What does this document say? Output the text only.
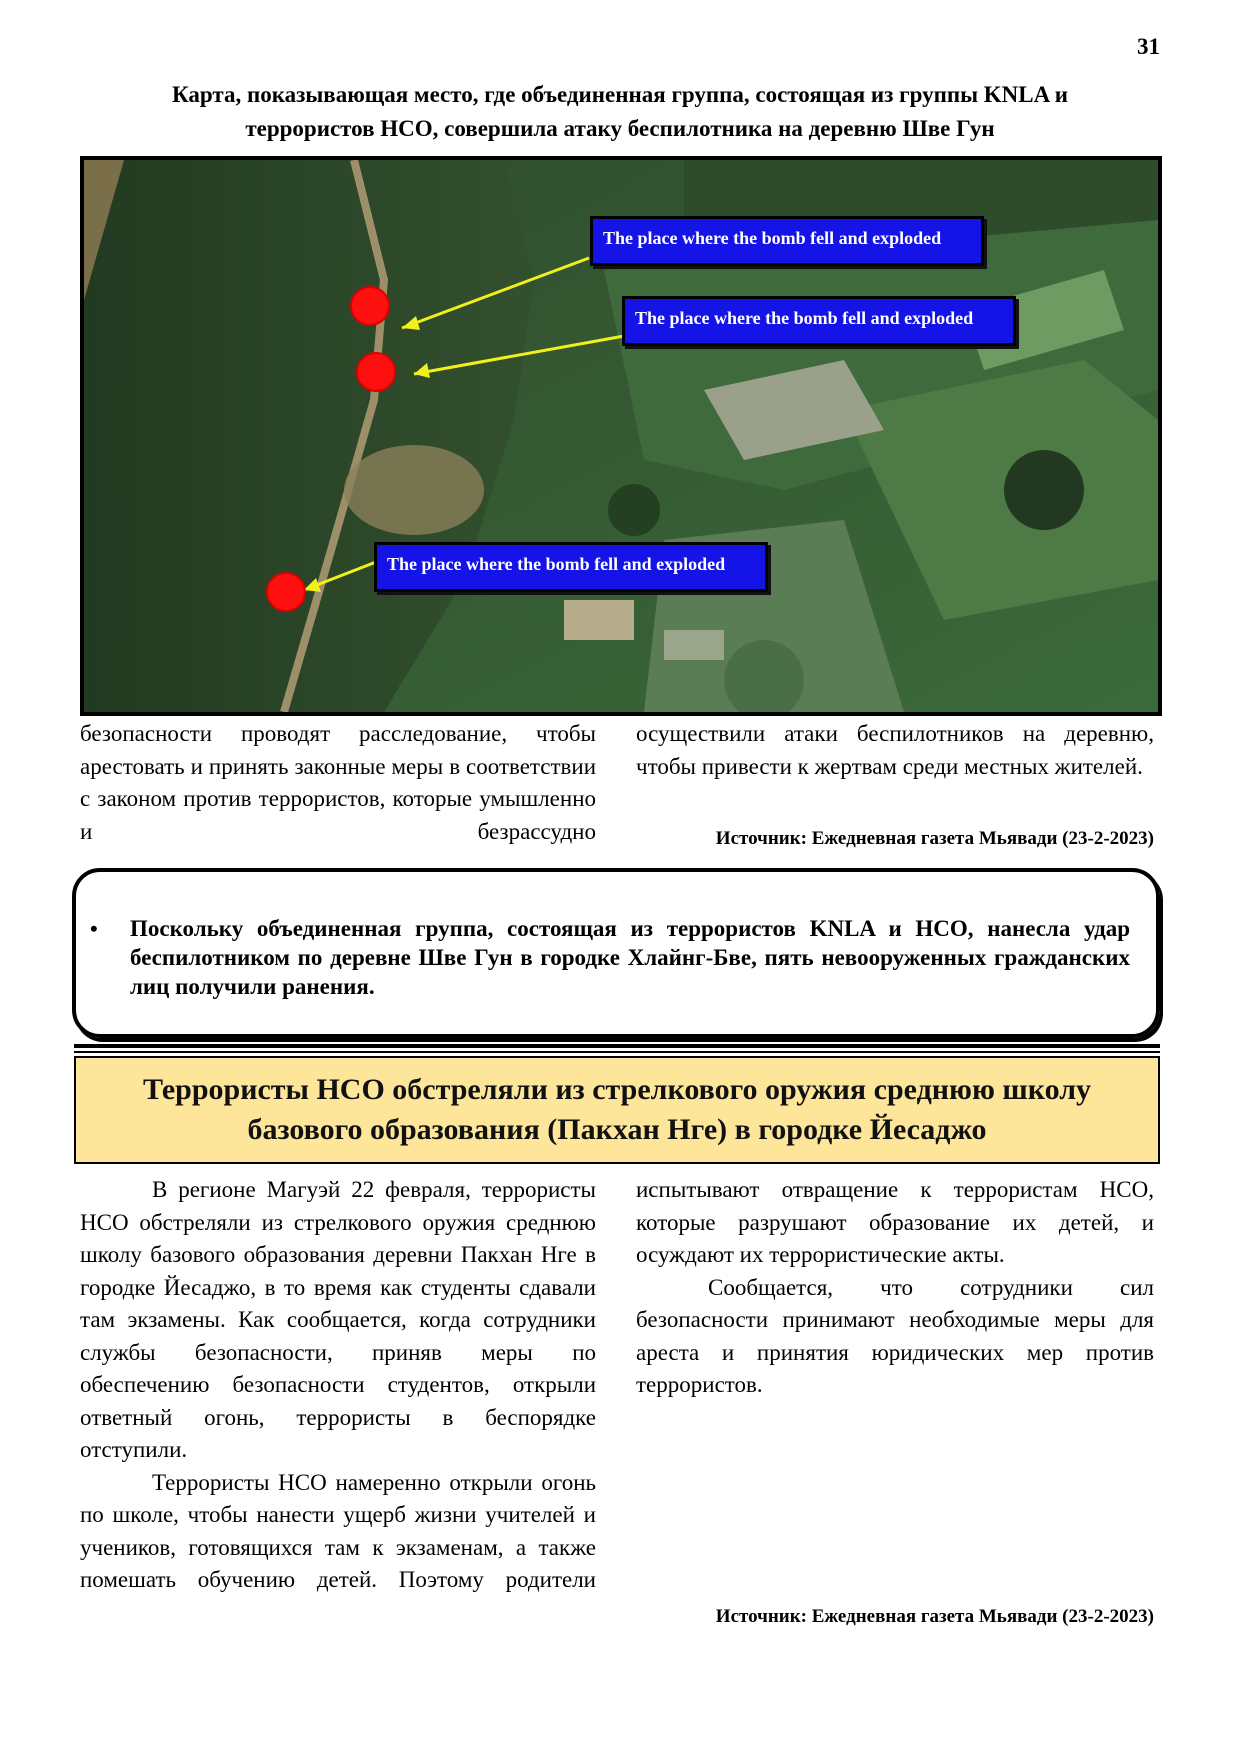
31
Карта, показывающая место, где объединенная группа, состоящая из группы KNLA и
террористов НСО, совершила атаку беспилотника на деревню Шве Гун
The place where the bomb fell and exploded
The place where the bomb fell and exploded
The place where the bomb fell and exploded
безопасности проводят расследование, чтобы арестовать и принять законные меры в соответствии с законом против террористов, которые умышленно и безрассудно
осуществили атаки беспилотников на деревню, чтобы привести к жертвам среди местных жителей.
Источник: Ежедневная газета Мьявади (23-2-2023)
• Поскольку объединенная группа, состоящая из террористов KNLA и НСО, нанесла удар беспилотником по деревне Шве Гун в городке Хлайнг-Бве, пять невооруженных гражданских лиц получили ранения.
Террористы НСО обстреляли из стрелкового оружия среднюю школу
базового образования (Пакхан Нге) в городке Йесаджо

В регионе Магуэй 22 февраля, террористы НСО обстреляли из стрелкового оружия среднюю школу базового образования деревни Пакхан Нге в городке Йесаджо, в то время как студенты сдавали там экзамены. Как сообщается, когда сотрудники службы безопасности, приняв меры по обеспечению безопасности студентов, открыли ответный огонь, террористы в беспорядке отступили.

Террористы НСО намеренно открыли огонь по школе, чтобы нанести ущерб жизни учителей и учеников, готовящихся там к экзаменам, а также помешать обучению детей. Поэтому родители

испытывают отвращение к террористам НСО, которые разрушают образование их детей, и осуждают их террористические акты.

Сообщается, что сотрудники сил безопасности принимают необходимые меры для ареста и принятия юридических мер против террористов.

Источник: Ежедневная газета Мьявади (23-2-2023)
